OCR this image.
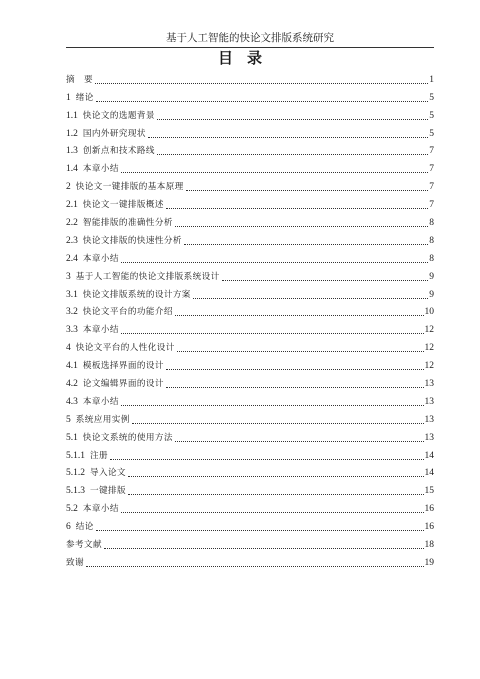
基于人工智能的快论文排版系统研究
目录
摘　要	1
1 绪论	5
1.1 快论文的选题背景	5
1.2 国内外研究现状	5
1.3 创新点和技术路线	7
1.4 本章小结	7
2 快论文一键排版的基本原理	7
2.1 快论文一键排版概述	7
2.2 智能排版的准确性分析	8
2.3 快论文排版的快速性分析	8
2.4 本章小结	8
3 基于人工智能的快论文排版系统设计	9
3.1 快论文排版系统的设计方案	9
3.2 快论文平台的功能介绍	10
3.3 本章小结	12
4 快论文平台的人性化设计	12
4.1 模板选择界面的设计	12
4.2 论文编辑界面的设计	13
4.3 本章小结	13
5 系统应用实例	13
5.1 快论文系统的使用方法	13
5.1.1 注册	14
5.1.2 导入论文	14
5.1.3 一键排版	15
5.2 本章小结	16
6 结论	16
参考文献	18
致谢	19
